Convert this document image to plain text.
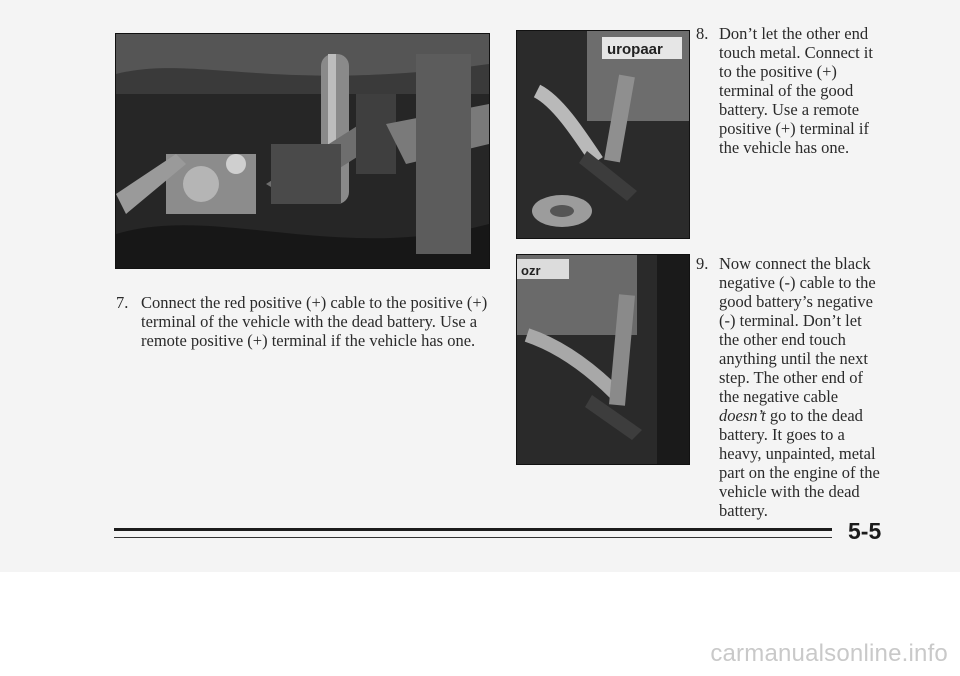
uropaar
ozr
7. Connect the red positive (+) cable to the positive (+)
terminal of the vehicle with the dead battery. Use a
remote positive (+) terminal if the vehicle has one.
8. Don’t let the other end
touch metal. Connect it
to the positive (+)
terminal of the good
battery. Use a remote
positive (+) terminal if
the vehicle has one.
9. Now connect the black
negative (-) cable to the
good battery’s negative
(-) terminal. Don’t let
the other end touch
anything until the next
step. The other end of
the negative cable
doesn’t go to the dead
battery. It goes to a
heavy, unpainted, metal
part on the engine of the
vehicle with the dead
battery.
5-5
carmanualsonline.info
